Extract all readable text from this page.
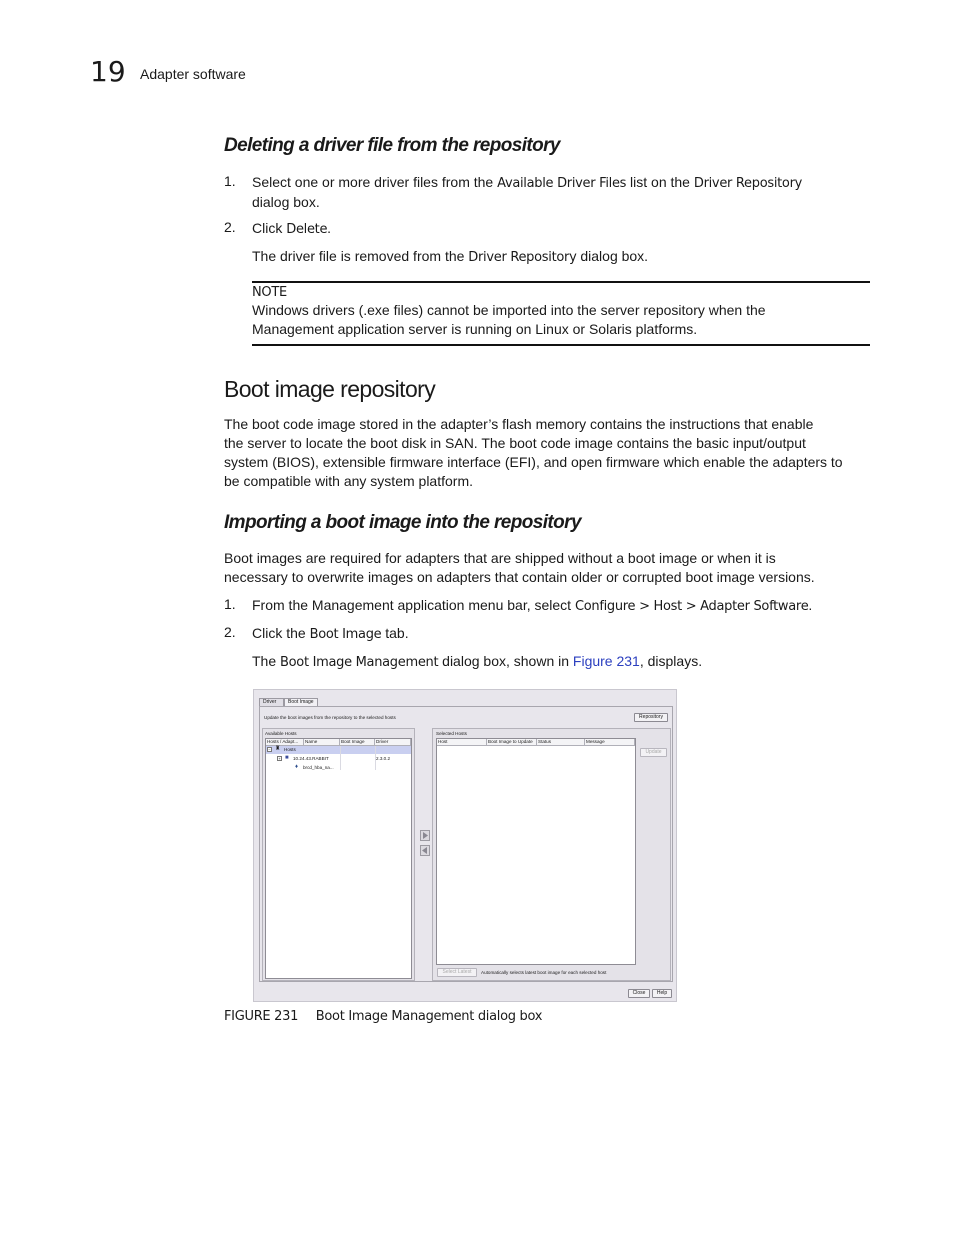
19 Adapter software
Deleting a driver file from the repository
1. Select one or more driver files from the Available Driver Files list on the Driver Repository
dialog box.
2. Click Delete.
The driver file is removed from the Driver Repository dialog box.
NOTE
Windows drivers (.exe files) cannot be imported into the server repository when the
Management application server is running on Linux or Solaris platforms.
Boot image repository
The boot code image stored in the adapter’s flash memory contains the instructions that enable
the server to locate the boot disk in SAN. The boot code image contains the basic input/output
system (BIOS), extensible firmware interface (EFI), and open firmware which enable the adapters to
be compatible with any system platform.
Importing a boot image into the repository
Boot images are required for adapters that are shipped without a boot image or when it is
necessary to overwrite images on adapters that contain older or corrupted boot image versions.
1. From the Management application menu bar, select Configure > Host > Adapter Software.
2. Click the Boot Image tab.
The Boot Image Management dialog box, shown in Figure 231, displays.
Driver	Boot Image
Update the boot images from the repository to the selected hosts	Repository
Available Hosts
Hosts / Adapt...	Name	Boot Image	Driver
− ♜ Hosts
+ ■ 10.24.43.RABBIT	2.3.0.2
♦ brcd_hba_na...
Selected Hosts
Host	Boot Image to Update	Status	Message
Update
Select Latest	Automatically selects latest boot image for each selected host
Close	Help
FIGURE 231 Boot Image Management dialog box
